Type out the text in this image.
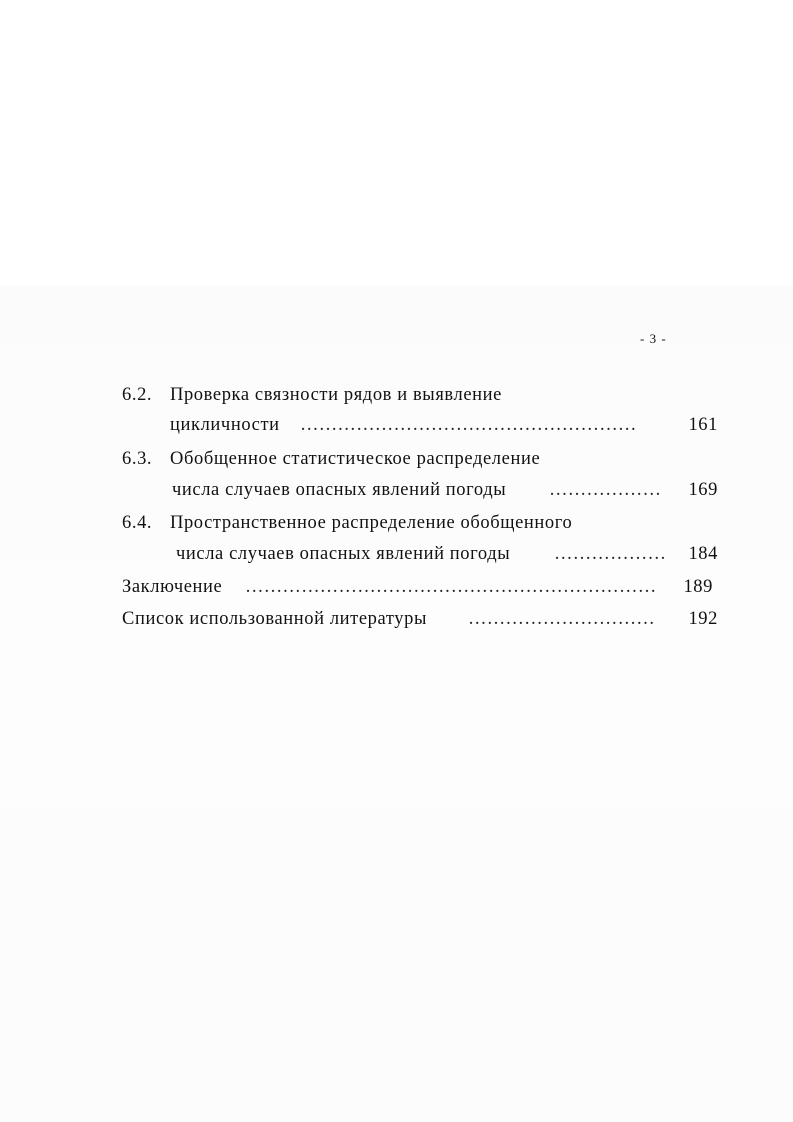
- 3 -
6.2. Проверка связности рядов и выявление
цикличности ………………………………………………	161
6.3. Обобщенное статистическое распределение
числа случаев опасных явлений погоды ………………	169
6.4. Пространственное распределение обобщенного
числа случаев опасных явлений погоды ………………	184
Заключение …………………………………………………………	189
Список использованной литературы …………………………	192
